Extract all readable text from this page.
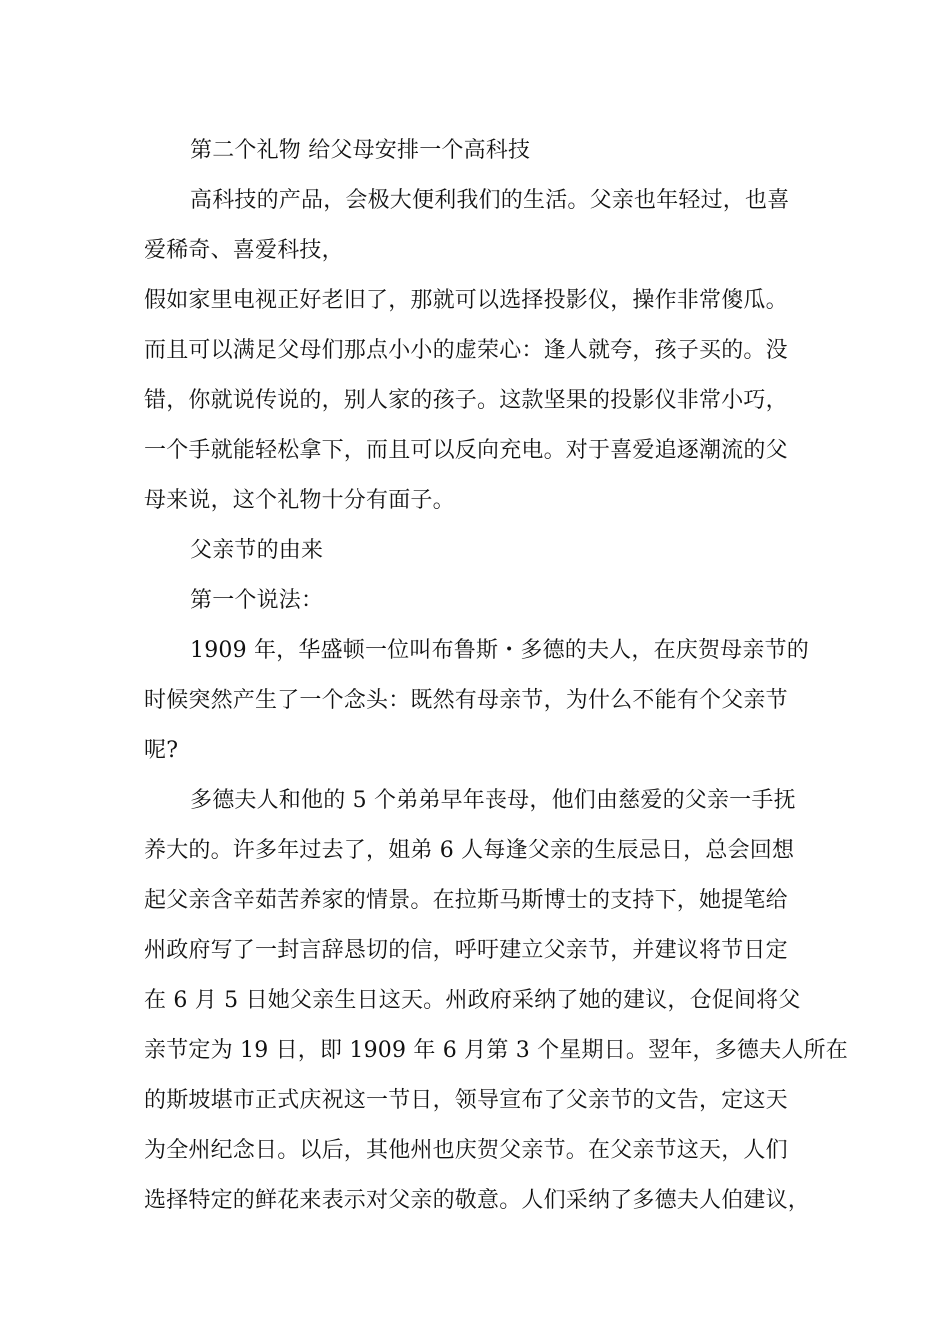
第二个礼物 给父母安排一个高科技
高科技的产品，会极大便利我们的生活。父亲也年轻过，也喜
爱稀奇、喜爱科技，
假如家里电视正好老旧了，那就可以选择投影仪，操作非常傻瓜。
而且可以满足父母们那点小小的虚荣心：逢人就夸，孩子买的。没
错，你就说传说的，别人家的孩子。这款坚果的投影仪非常小巧，
一个手就能轻松拿下，而且可以反向充电。对于喜爱追逐潮流的父
母来说，这个礼物十分有面子。
父亲节的由来
第一个说法：
1909 年，华盛顿一位叫布鲁斯・多德的夫人，在庆贺母亲节的
时候突然产生了一个念头：既然有母亲节，为什么不能有个父亲节
呢?
多德夫人和他的 5 个弟弟早年丧母，他们由慈爱的父亲一手抚
养大的。许多年过去了，姐弟 6 人每逢父亲的生辰忌日，总会回想
起父亲含辛茹苦养家的情景。在拉斯马斯博士的支持下，她提笔给
州政府写了一封言辞恳切的信，呼吁建立父亲节，并建议将节日定
在 6 月 5 日她父亲生日这天。州政府采纳了她的建议，仓促间将父
亲节定为 19 日，即 1909 年 6 月第 3 个星期日。翌年，多德夫人所在
的斯坡堪市正式庆祝这一节日，领导宣布了父亲节的文告，定这天
为全州纪念日。以后，其他州也庆贺父亲节。在父亲节这天，人们
选择特定的鲜花来表示对父亲的敬意。人们采纳了多德夫人伯建议，
